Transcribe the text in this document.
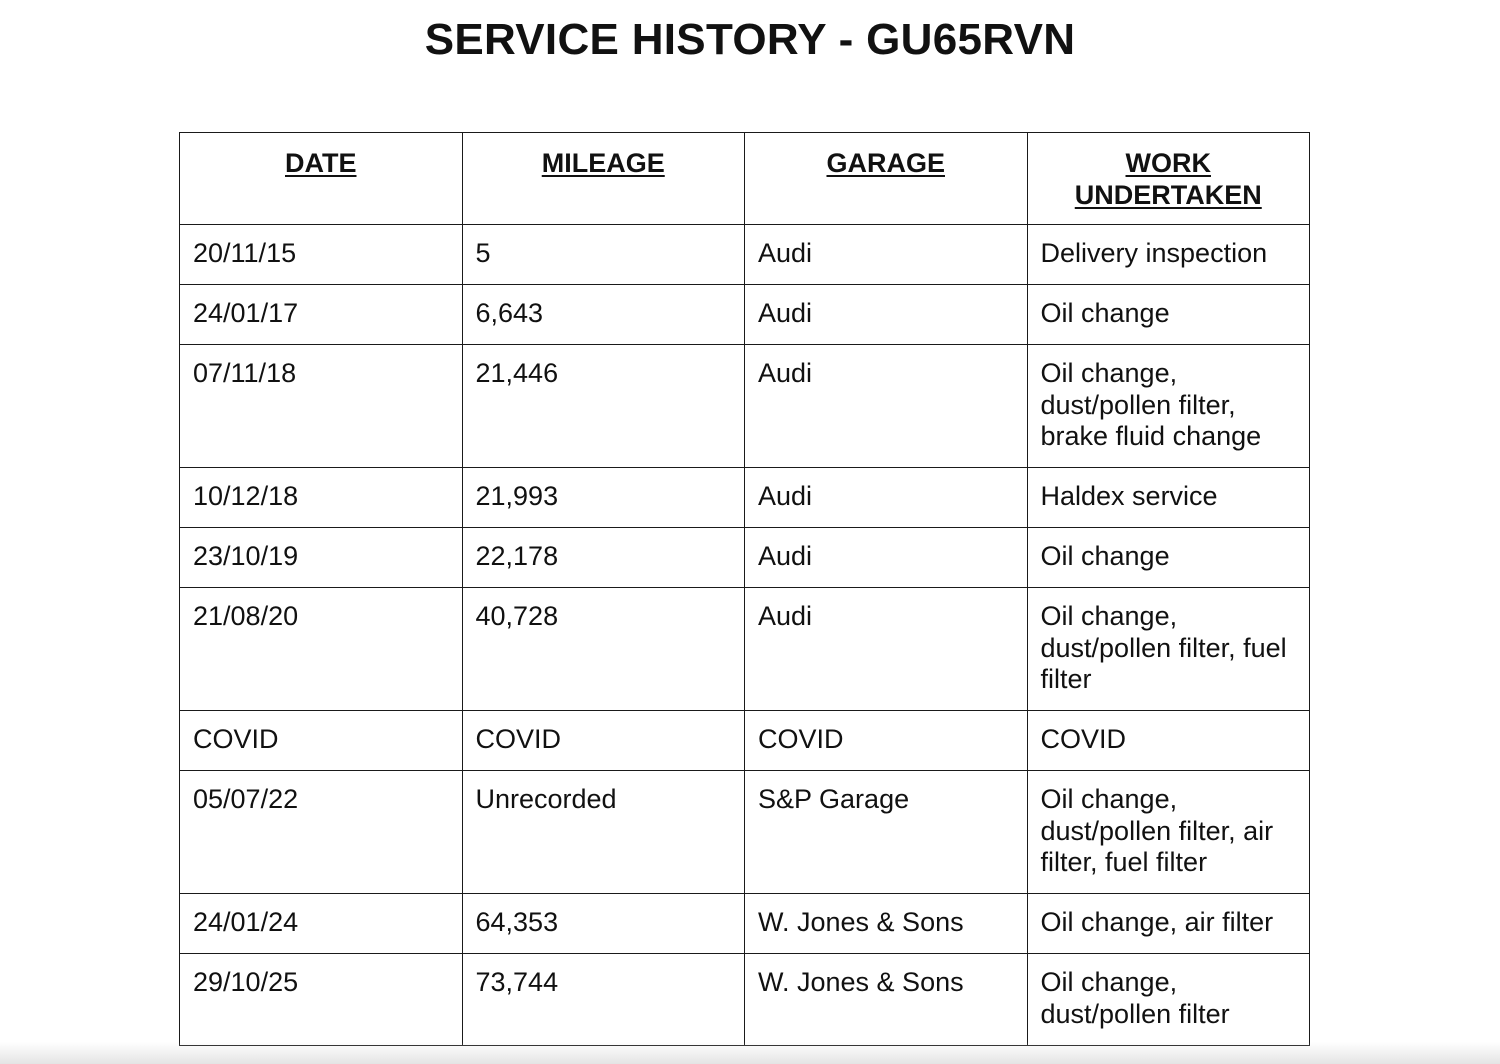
SERVICE HISTORY - GU65RVN
DATE	MILEAGE	GARAGE	WORK
UNDERTAKEN
20/11/15	5	Audi	Delivery inspection
24/01/17	6,643	Audi	Oil change
07/11/18	21,446	Audi	Oil change,
dust/pollen filter,
brake fluid change
10/12/18	21,993	Audi	Haldex service
23/10/19	22,178	Audi	Oil change
21/08/20	40,728	Audi	Oil change,
dust/pollen filter, fuel
filter
COVID	COVID	COVID	COVID
05/07/22	Unrecorded	S&P Garage	Oil change,
dust/pollen filter, air
filter, fuel filter
24/01/24	64,353	W. Jones & Sons	Oil change, air filter
29/10/25	73,744	W. Jones & Sons	Oil change,
dust/pollen filter
